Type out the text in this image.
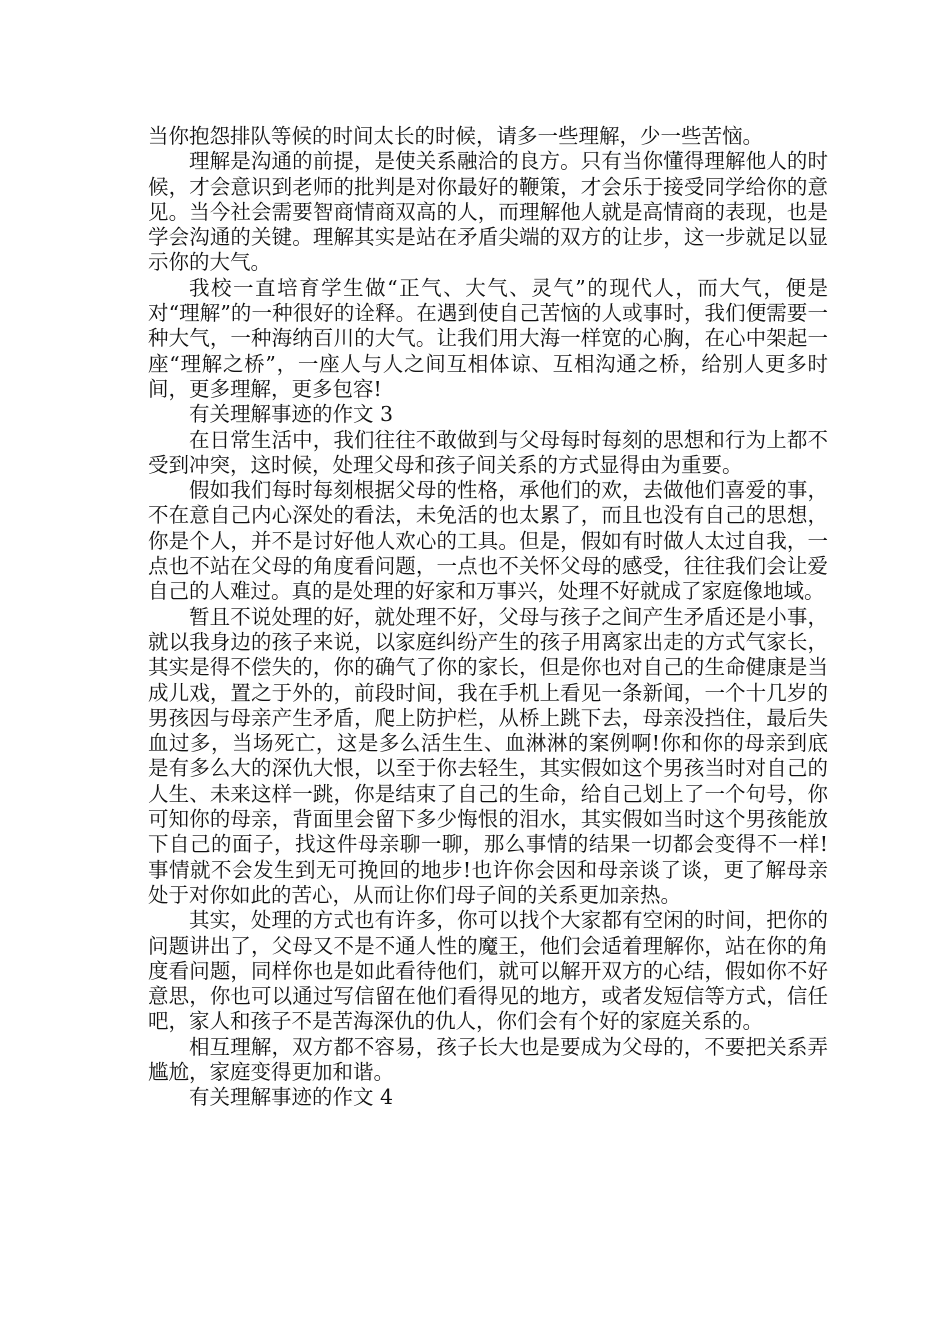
当你抱怨排队等候的时间太长的时候，请多一些理解，少一些苦恼。

理解是沟通的前提，是使关系融洽的良方。只有当你懂得理解他人的时候，才会意识到老师的批判是对你最好的鞭策，才会乐于接受同学给你的意见。当今社会需要智商情商双高的人，而理解他人就是高情商的表现，也是学会沟通的关键。理解其实是站在矛盾尖端的双方的让步，这一步就足以显示你的大气。

我校一直培育学生做“正气、大气、灵气”的现代人，而大气，便是对“理解”的一种很好的诠释。在遇到使自己苦恼的人或事时，我们便需要一种大气，一种海纳百川的大气。让我们用大海一样宽的心胸，在心中架起一座“理解之桥”，一座人与人之间互相体谅、互相沟通之桥，给别人更多时间，更多理解，更多包容!

有关理解事迹的作文 3

在日常生活中，我们往往不敢做到与父母每时每刻的思想和行为上都不受到冲突，这时候，处理父母和孩子间关系的方式显得由为重要。

假如我们每时每刻根据父母的性格，承他们的欢，去做他们喜爱的事，不在意自己内心深处的看法，未免活的也太累了，而且也没有自己的思想，你是个人，并不是讨好他人欢心的工具。但是，假如有时做人太过自我，一点也不站在父母的角度看问题，一点也不关怀父母的感受，往往我们会让爱自己的人难过。真的是处理的好家和万事兴，处理不好就成了家庭像地域。

暂且不说处理的好，就处理不好，父母与孩子之间产生矛盾还是小事，就以我身边的孩子来说，以家庭纠纷产生的孩子用离家出走的方式气家长，其实是得不偿失的，你的确气了你的家长，但是你也对自己的生命健康是当成儿戏，置之于外的，前段时间，我在手机上看见一条新闻，一个十几岁的男孩因与母亲产生矛盾，爬上防护栏，从桥上跳下去，母亲没挡住，最后失血过多，当场死亡，这是多么活生生、血淋淋的案例啊!你和你的母亲到底是有多么大的深仇大恨，以至于你去轻生，其实假如这个男孩当时对自己的人生、未来这样一跳，你是结束了自己的生命，给自己划上了一个句号，你可知你的母亲，背面里会留下多少悔恨的泪水，其实假如当时这个男孩能放下自己的面子，找这件母亲聊一聊，那么事情的结果一切都会变得不一样!事情就不会发生到无可挽回的地步!也许你会因和母亲谈了谈，更了解母亲处于对你如此的苦心，从而让你们母子间的关系更加亲热。

其实，处理的方式也有许多，你可以找个大家都有空闲的时间，把你的问题讲出了，父母又不是不通人性的魔王，他们会适着理解你，站在你的角度看问题，同样你也是如此看待他们，就可以解开双方的心结，假如你不好意思，你也可以通过写信留在他们看得见的地方，或者发短信等方式，信任吧，家人和孩子不是苦海深仇的仇人，你们会有个好的家庭关系的。

相互理解，双方都不容易，孩子长大也是要成为父母的，不要把关系弄尴尬，家庭变得更加和谐。

有关理解事迹的作文 4
